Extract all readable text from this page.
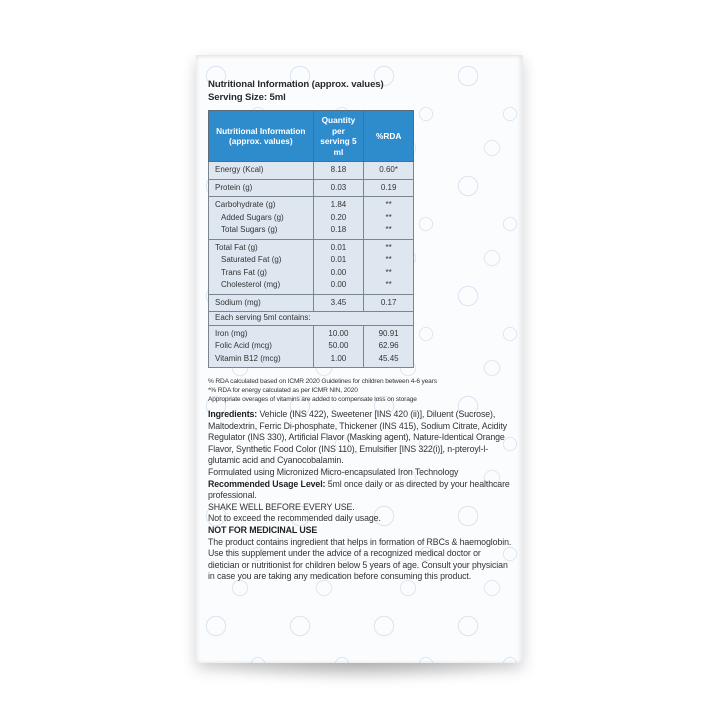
Nutritional Information (approx. values)
Serving Size: 5ml
Nutritional Information (approx. values)	Quantity per serving 5 ml	%RDA
Energy (Kcal)	8.18	0.60*
Protein (g)	0.03	0.19
Carbohydrate (g)	1.84	**
Added Sugars (g)	0.20	**
Total Sugars (g)	0.18	**
Total Fat (g)	0.01	**
Saturated Fat (g)	0.01	**
Trans Fat (g)	0.00	**
Cholesterol (mg)	0.00	**
Sodium (mg)	3.45	0.17
Each serving 5ml contains:		
Iron (mg)	10.00	90.91
Folic Acid (mcg)	50.00	62.96
Vitamin B12 (mcg)	1.00	45.45
% RDA calculated based on ICMR 2020 Guidelines for children between 4-6 years
*% RDA for energy calculated as per ICMR NIN, 2020
Appropriate overages of vitamins are added to compensate loss on storage

Ingredients: Vehicle (INS 422), Sweetener [INS 420 (ii)], Diluent (Sucrose), Maltodextrin, Ferric Di-phosphate, Thickener (INS 415), Sodium Citrate, Acidity Regulator (INS 330), Artificial Flavor (Masking agent), Nature-Identical Orange Flavor, Synthetic Food Color (INS 110), Emulsifier [INS 322(i)], n-pteroyl-l-glutamic acid and Cyanocobalamin.

Formulated using Micronized Micro-encapsulated Iron Technology

Recommended Usage Level: 5ml once daily or as directed by your healthcare professional.

SHAKE WELL BEFORE EVERY USE.

Not to exceed the recommended daily usage.

NOT FOR MEDICINAL USE

The product contains ingredient that helps in formation of RBCs & haemoglobin.

Use this supplement under the advice of a recognized medical doctor or dietician or nutritionist for children below 5 years of age. Consult your physician in case you are taking any medication before consuming this product.
